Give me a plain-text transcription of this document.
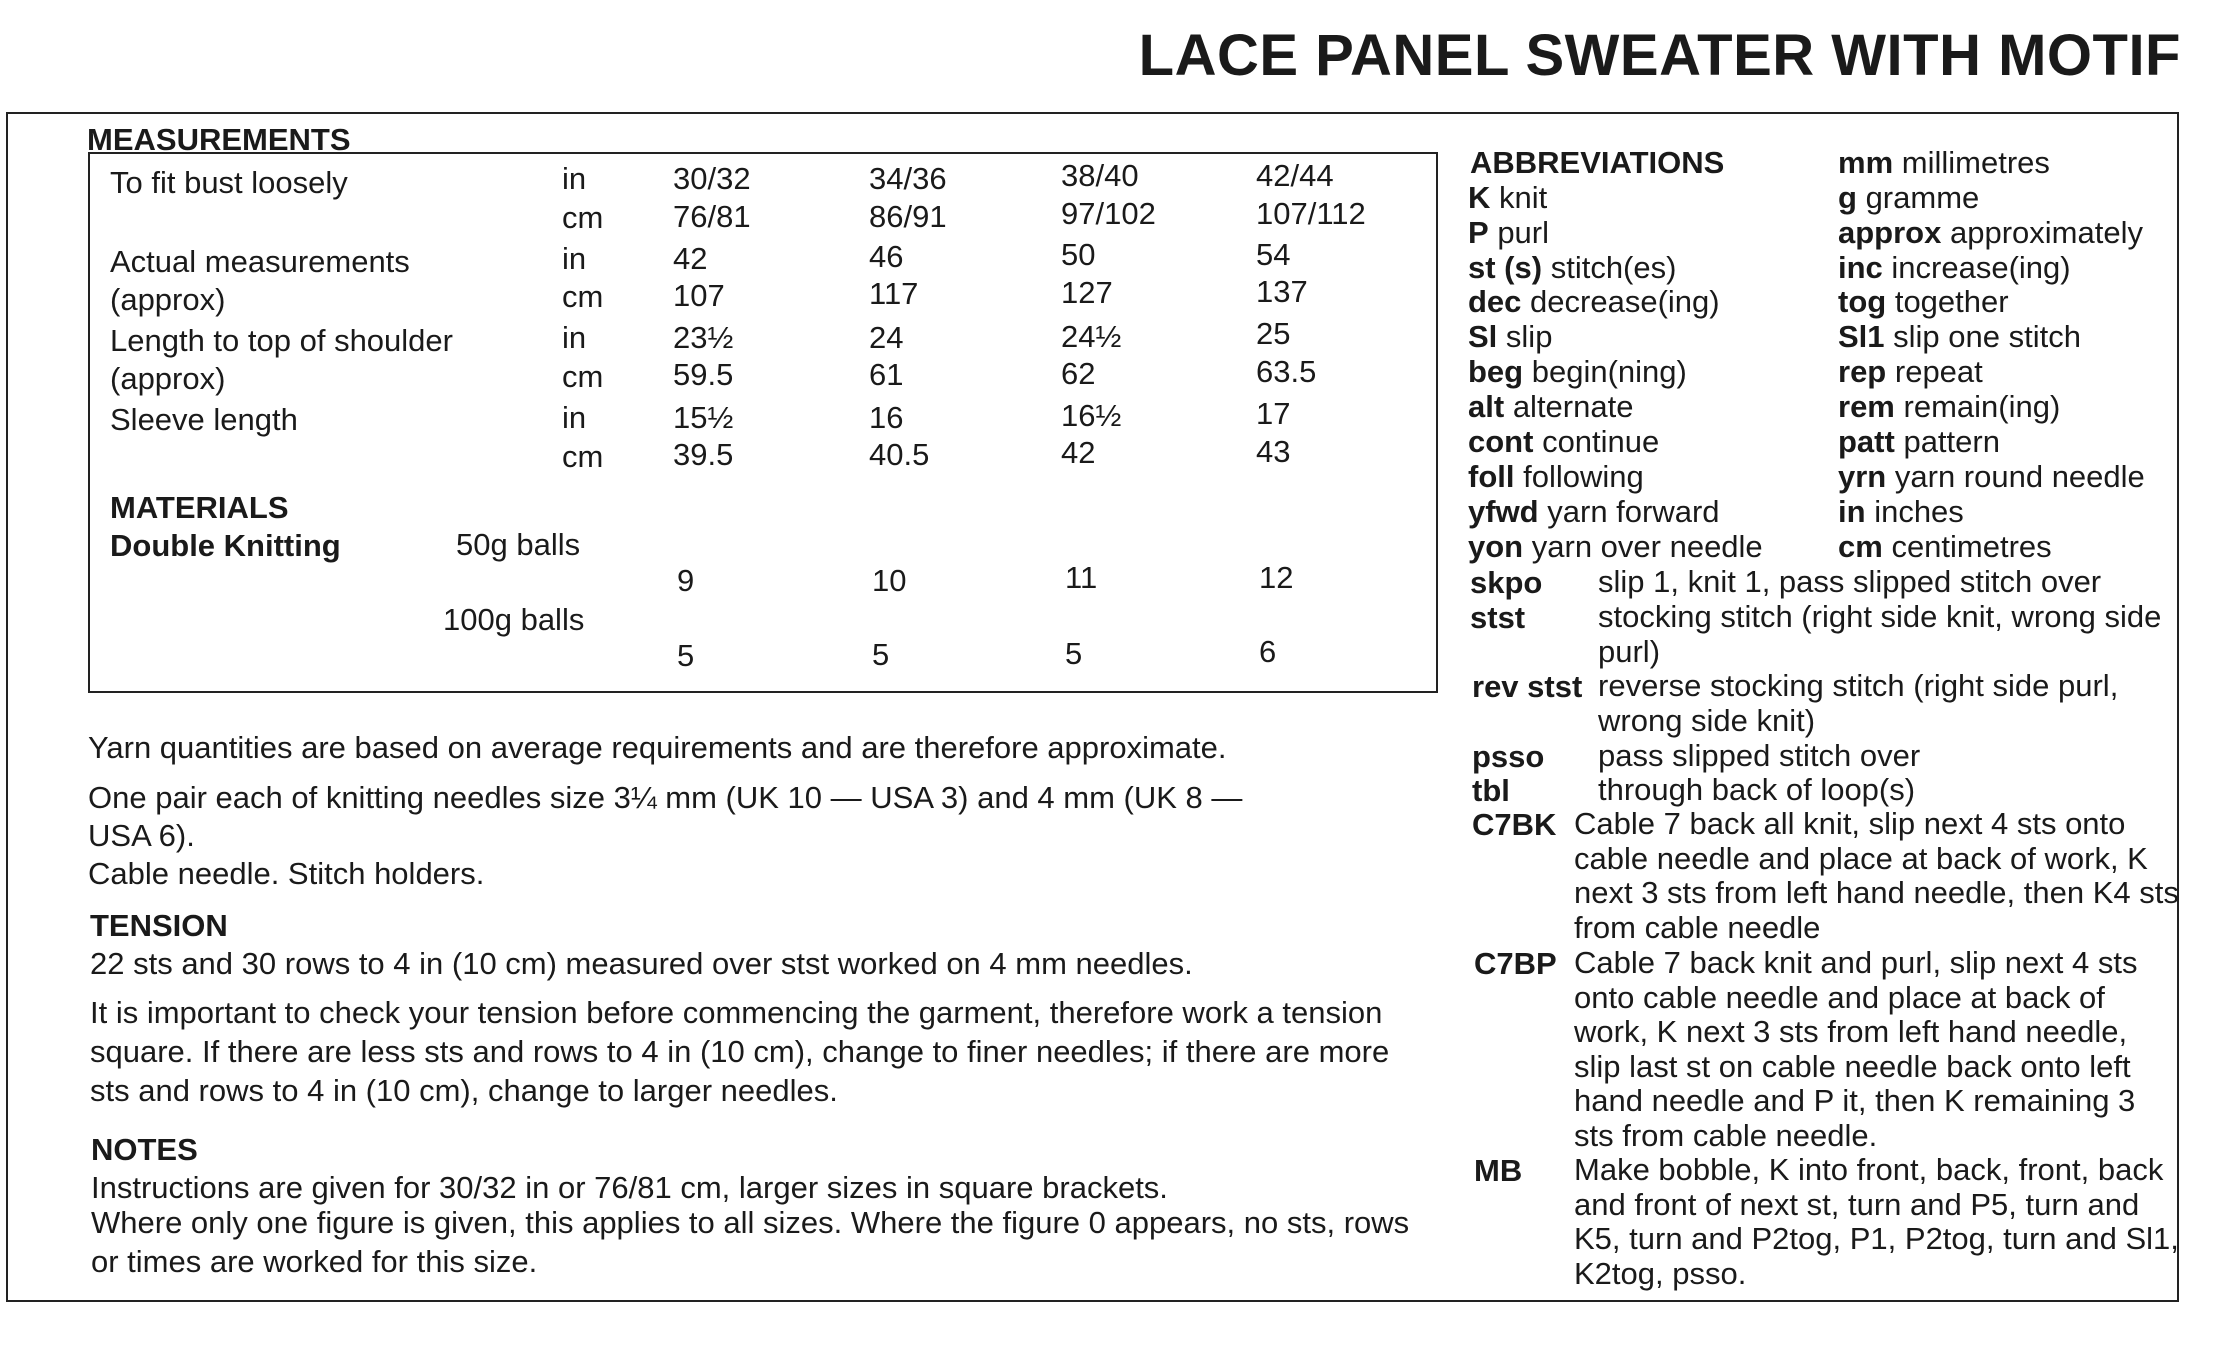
LACE PANEL SWEATER WITH MOTIF
MEASUREMENTS
To fit bust loosely	in	30/32	34/36	38/40	42/44
cm 76/81	86/91	97/102	107/112
Actual measurements	in	42	46	50	54
(approx)	cm 107	117	127	137
Length to top of shoulder	in	23½	24	24½	25
(approx)	cm 59.5	61	62	63.5
Sleeve length	in	15½	16	16½	17
cm 39.5	40.5	42	43
MATERIALS
Double Knitting	50g balls
9	10	11	12
100g balls
5	5	5	6
Yarn quantities are based on average requirements and are therefore approximate.
One pair each of knitting needles size 3¼ mm (UK 10 — USA 3) and 4 mm (UK 8 —
USA 6).
Cable needle. Stitch holders.
TENSION
22 sts and 30 rows to 4 in (10 cm) measured over stst worked on 4 mm needles.
It is important to check your tension before commencing the garment, therefore work a tension square. If there are less sts and rows to 4 in (10 cm), change to finer needles; if there are more sts and rows to 4 in (10 cm), change to larger needles.
NOTES
Instructions are given for 30/32 in or 76/81 cm, larger sizes in square brackets.
Where only one figure is given, this applies to all sizes. Where the figure 0 appears, no sts, rows or times are worked for this size.
ABBREVIATIONS
K knit
P purl
st (s) stitch(es)
dec decrease(ing)
Sl slip
beg begin(ning)
alt alternate
cont continue
foll following
yfwd yarn forward
yon yarn over needle
mm millimetres
g gramme
approx approximately
inc increase(ing)
tog together
Sl1 slip one stitch
rep repeat
rem remain(ing)
patt pattern
yrn yarn round needle
in inches
cm centimetres
skpo slip 1, knit 1, pass slipped stitch over
stst stocking stitch (right side knit, wrong side purl)
rev stst reverse stocking stitch (right side purl, wrong side knit)
psso pass slipped stitch over
tbl	through back of loop(s)
C7BK Cable 7 back all knit, slip next 4 sts onto cable needle and place at back of work, K next 3 sts from left hand needle, then K4 sts from cable needle
C7BP Cable 7 back knit and purl, slip next 4 sts onto cable needle and place at back of work, K next 3 sts from left hand needle, slip last st on cable needle back onto left hand needle and P it, then K remaining 3 sts from cable needle.
MB Make bobble, K into front, back, front, back and front of next st, turn and P5, turn and K5, turn and P2tog, P1, P2tog, turn and Sl1, K2tog, psso.
